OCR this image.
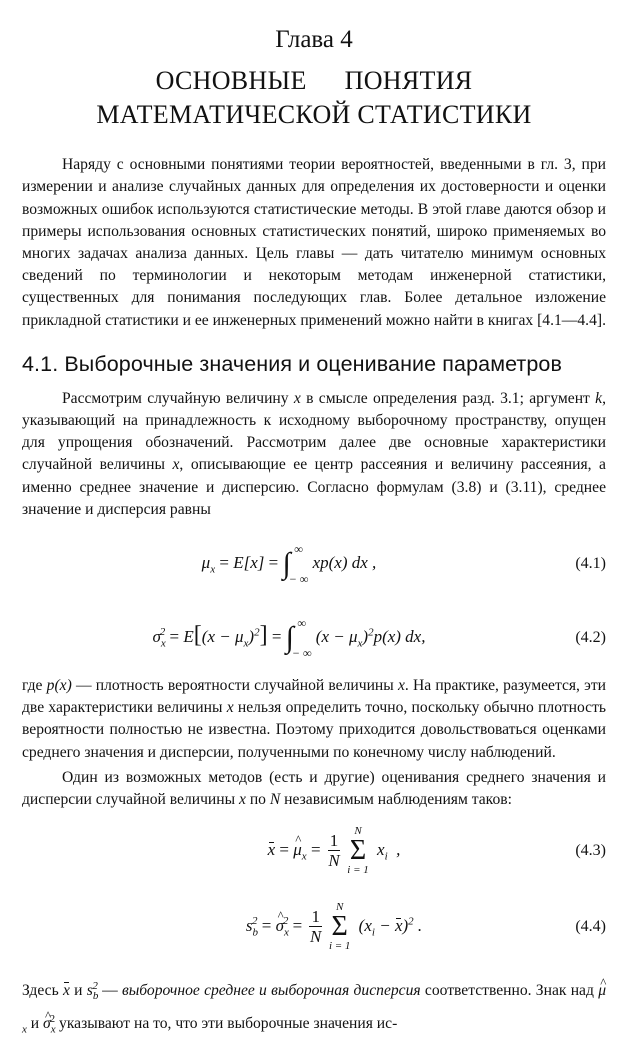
Глава 4
ОСНОВНЫЕ ПОНЯТИЯ
МАТЕМАТИЧЕСКОЙ СТАТИСТИКИ

Наряду с основными понятиями теории вероятностей, введенными в гл. 3, при измерении и анализе случайных данных для определения их достоверности и оценки возможных ошибок используются статистические методы. В этой главе даются обзор и примеры использования основных статистических понятий, широко применяемых во многих задачах анализа данных. Цель главы — дать читателю минимум основных сведений по терминологии и некоторым методам инженерной статистики, существенных для понимания последующих глав. Более детальное изложение прикладной статистики и ее инженерных применений можно найти в книгах [4.1—4.4].

4.1. Выборочные значения и оценивание параметров

Рассмотрим случайную величину x в смысле определения разд. 3.1; аргумент k, указывающий на принадлежность к исходному выборочному пространству, опущен для упрощения обозначений. Рассмотрим далее две основные характеристики случайной величины x, описывающие ее центр рассеяния и величину рассеяния, а именно среднее значение и дисперсию. Согласно формулам (3.8) и (3.11), среднее значение и дисперсия равны

$\mu_x = E[x]$ = ∫ ∞
− ∞
xp(x) dx ,	(4.1)
$\sigma_x^2 = E[(x - \mu_x)^2]$ = ∫ ∞
− ∞
$(x - \mu_x)^2p(x)$ dx,	(4.2)

где p(x) — плотность вероятности случайной величины x. На практике, разумеется, эти две характеристики величины x нельзя определить точно, поскольку обычно плотность вероятности полностью не известна. Поэтому приходится довольствоваться оценками среднего значения и дисперсии, полученными по конечному числу наблюдений.

Один из возможных методов (есть и другие) оценивания среднего значения и дисперсии случайной величины x по N независимым наблюдениям таков:

x = ^ $\mu_x = \frac{1}{N}$ N
Σ
i = 1
$x_i$  ,	(4.3)
$s_b^2$ = ^ $\sigma_x^2 = \frac{1}{N}$ N
Σ
i = 1
$(x_i - x)^2$ .	(4.4)

Здесь x и $s_b^2$ — выборочное среднее и выборочная дисперсия соответственно. Знак над ^ $\mu_x$ и ^ $\sigma_x^2$ указывают на то, что эти выборочные значения ис-
